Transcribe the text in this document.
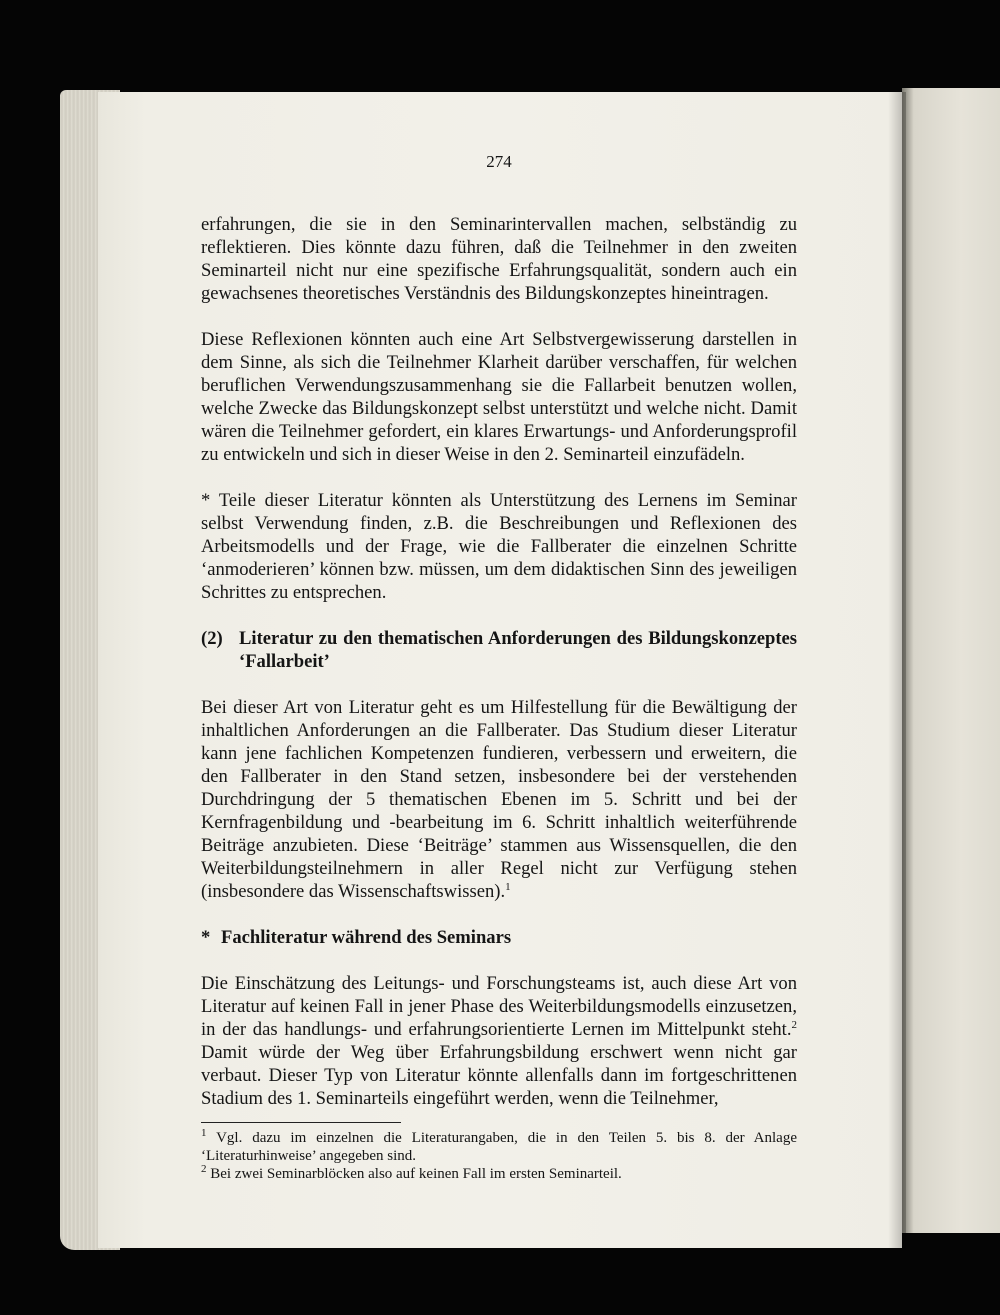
274

erfahrungen, die sie in den Seminarintervallen machen, selbständig zu reflektieren. Dies könnte dazu führen, daß die Teilnehmer in den zweiten Seminarteil nicht nur eine spezifische Erfahrungsqualität, sondern auch ein gewachsenes theoretisches Verständnis des Bildungskonzeptes hineintragen.

Diese Reflexionen könnten auch eine Art Selbstvergewisserung darstellen in dem Sinne, als sich die Teilnehmer Klarheit darüber verschaffen, für welchen beruflichen Verwendungszusammenhang sie die Fallarbeit benutzen wollen, welche Zwecke das Bildungskonzept selbst unterstützt und welche nicht. Damit wären die Teilnehmer gefordert, ein klares Erwartungs- und Anforderungsprofil zu entwickeln und sich in dieser Weise in den 2. Seminarteil einzufädeln.

* Teile dieser Literatur könnten als Unterstützung des Lernens im Seminar selbst Verwendung finden, z.B. die Beschreibungen und Reflexionen des Arbeitsmodells und der Frage, wie die Fallberater die einzelnen Schritte ‘anmoderieren’ können bzw. müssen, um dem didaktischen Sinn des jeweiligen Schrittes zu entsprechen.

(2) Literatur zu den thematischen Anforderungen des Bildungskonzeptes ‘Fallarbeit’

Bei dieser Art von Literatur geht es um Hilfestellung für die Bewältigung der inhaltlichen Anforderungen an die Fallberater. Das Studium dieser Literatur kann jene fachlichen Kompetenzen fundieren, verbessern und erweitern, die den Fallberater in den Stand setzen, insbesondere bei der verstehenden Durchdringung der 5 thematischen Ebenen im 5. Schritt und bei der Kernfragenbildung und -bearbeitung im 6. Schritt inhaltlich weiterführende Beiträge anzubieten. Diese ‘Beiträge’ stammen aus Wissensquellen, die den Weiterbildungsteilnehmern in aller Regel nicht zur Verfügung stehen (insbesondere das Wissenschaftswissen).$^1$

* Fachliteratur während des Seminars

Die Einschätzung des Leitungs- und Forschungsteams ist, auch diese Art von Literatur auf keinen Fall in jener Phase des Weiterbildungsmodells einzusetzen, in der das handlungs- und erfahrungsorientierte Lernen im Mittelpunkt steht.$^2$ Damit würde der Weg über Erfahrungsbildung erschwert wenn nicht gar verbaut. Dieser Typ von Literatur könnte allenfalls dann im fortgeschrittenen Stadium des 1. Seminarteils eingeführt werden, wenn die Teilnehmer,

$^1$ Vgl. dazu im einzelnen die Literaturangaben, die in den Teilen 5. bis 8. der Anlage ‘Literaturhinweise’ angegeben sind.
$^2$ Bei zwei Seminarblöcken also auf keinen Fall im ersten Seminarteil.
